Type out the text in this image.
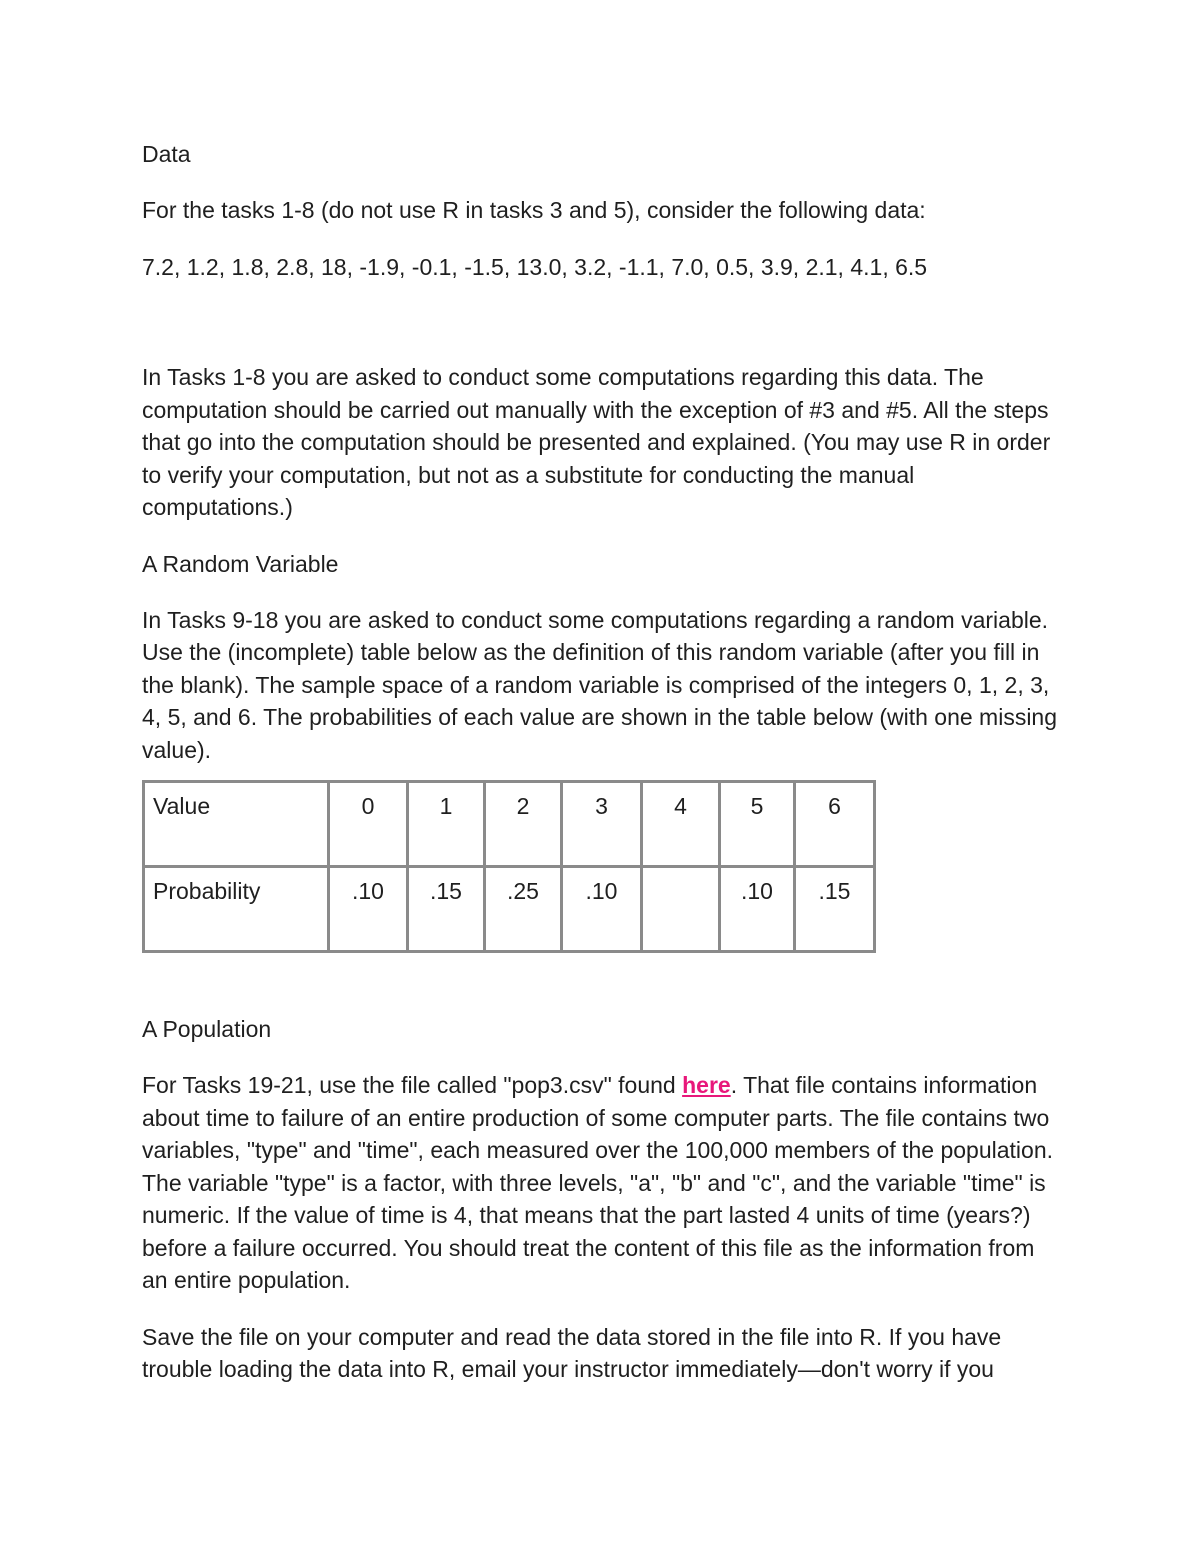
Data
For the tasks 1-8 (do not use R in tasks 3 and 5), consider the following data:
7.2, 1.2, 1.8, 2.8, 18, -1.9, -0.1, -1.5, 13.0, 3.2, -1.1, 7.0, 0.5, 3.9, 2.1, 4.1, 6.5
In Tasks 1-8 you are asked to conduct some computations regarding this data. The computation should be carried out manually with the exception of #3 and #5. All the steps that go into the computation should be presented and explained. (You may use R in order to verify your computation, but not as a substitute for conducting the manual computations.)
A Random Variable
In Tasks 9-18 you are asked to conduct some computations regarding a random variable. Use the (incomplete) table below as the definition of this random variable (after you fill in the blank). The sample space of a random variable is comprised of the integers 0, 1, 2, 3, 4, 5, and 6. The probabilities of each value are shown in the table below (with one missing value).
Value	0	1	2	3	4	5	6
Probability	.10	.15	.25	.10		.10	.15
A Population
For Tasks 19-21, use the file called "pop3.csv" found here. That file contains information about time to failure of an entire production of some computer parts. The file contains two variables, "type" and "time", each measured over the 100,000 members of the population. The variable "type" is a factor, with three levels, "a", "b" and "c", and the variable "time" is numeric. If the value of time is 4, that means that the part lasted 4 units of time (years?) before a failure occurred. You should treat the content of this file as the information from an entire population.
Save the file on your computer and read the data stored in the file into R. If you have trouble loading the data into R, email your instructor immediately—don't worry if you
